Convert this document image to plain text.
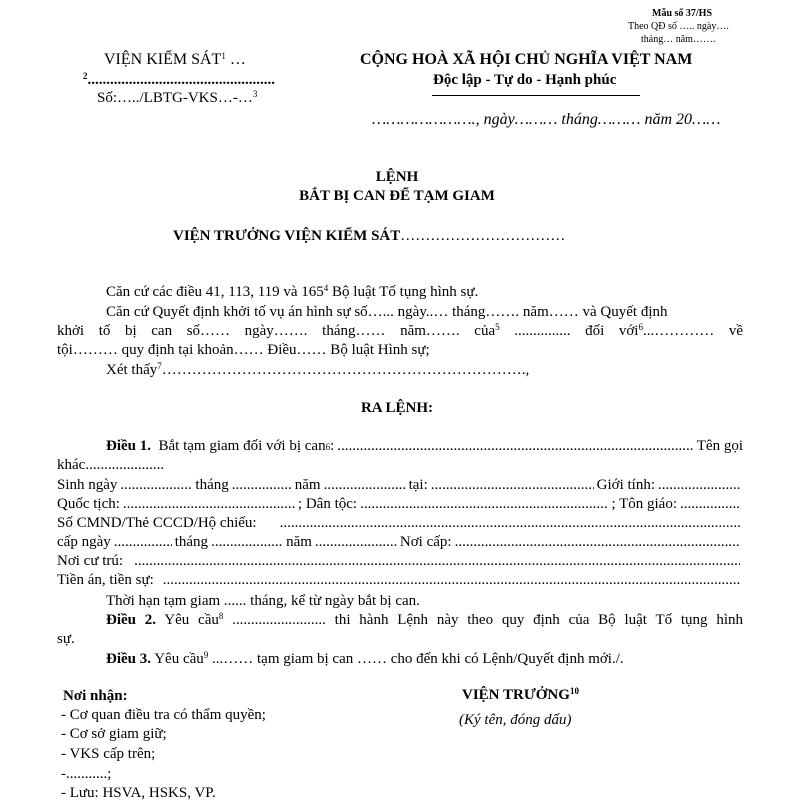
Mẫu số 37/HS
Theo QĐ số ….. ngày….
tháng… năm…….
VIỆN KIỂM SÁT$^1$ …
$^2$..................................................
Số:…../LBTG-VKS…-…$^3$
CỘNG HOÀ XÃ HỘI CHỦ NGHĨA VIỆT NAM
Độc lập - Tự do - Hạnh phúc
…………………., ngày……… tháng……… năm 20……
LỆNH
BẮT BỊ CAN ĐỂ TẠM GIAM
VIỆN TRƯỞNG VIỆN KIỂM SÁT……………………………
Căn cứ các điều 41, 113, 119 và $165^4$ Bộ luật Tố tụng hình sự.
Căn cứ Quyết định khởi tố vụ án hình sự số…... ngày..… tháng……. năm…… và Quyết định
khởi tố bị can số…… ngày……. tháng…… năm……. của$^5$ ............... đối với$^6$...………… về
tội……… quy định tại khoản…… Điều…… Bộ luật Hình sự;
Xét thấy$^7$……………………………………………………………….,
RA LỆNH:
Điều 1.
Bắt tạm giam đối với bị can 6 : .....	Tên gọi
khác.....................
Sinh ngày .....	tháng .....	năm .....	tại: .....	Giới tính:
.....
Quốc tịch: .....	; Dân tộc: .....	; Tôn giáo:
.....
Số CMND/Thẻ CCCD/Hộ chiếu:
.....
cấp ngày .....	tháng .....	năm .....	Nơi cấp:
.....
Nơi cư trú:
.....
Tiền án, tiền sự:
.....
Thời hạn tạm giam ...... tháng, kể từ ngày bắt bị can.
Điều 2. Yêu cầu$^8$ ......................... thi hành Lệnh này theo quy định của Bộ luật Tố tụng hình
sự.
Điều 3. Yêu cầu$^9$ ...…… tạm giam bị can …… cho đến khi có Lệnh/Quyết định mới./.
Nơi nhận:
- Cơ quan điều tra có thẩm quyền;
- Cơ sở giam giữ;
- VKS cấp trên;
-...........;
- Lưu: HSVA, HSKS, VP.
VIỆN TRƯỞNG$^{10}$
(Ký tên, đóng dấu)
